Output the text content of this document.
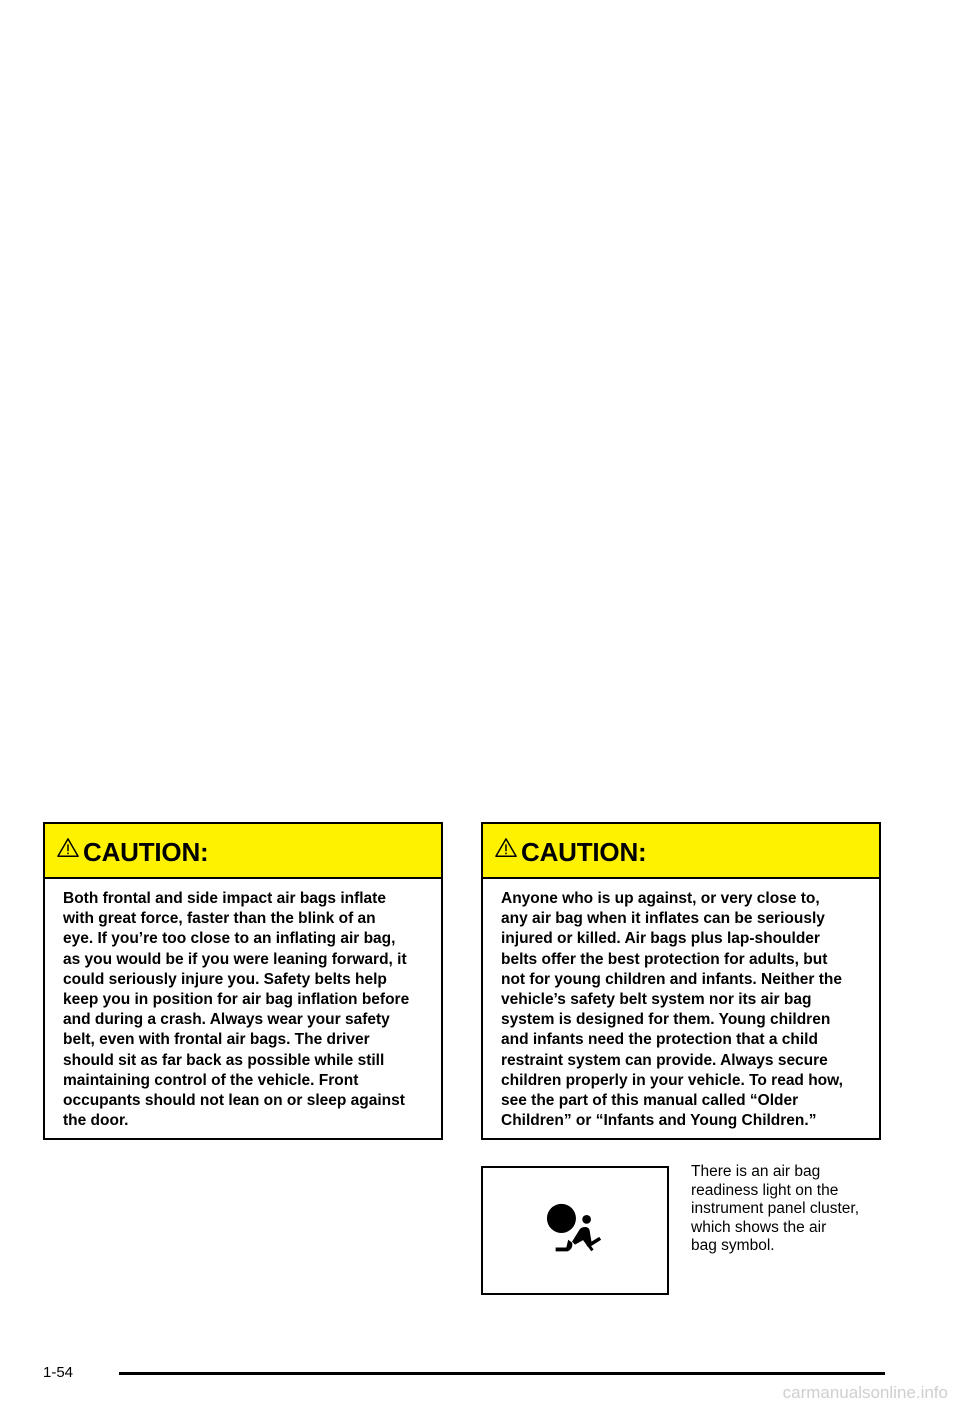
CAUTION:
Both frontal and side impact air bags inflate
with great force, faster than the blink of an
eye. If you’re too close to an inflating air bag,
as you would be if you were leaning forward, it
could seriously injure you. Safety belts help
keep you in position for air bag inflation before
and during a crash. Always wear your safety
belt, even with frontal air bags. The driver
should sit as far back as possible while still
maintaining control of the vehicle. Front
occupants should not lean on or sleep against
the door.
CAUTION:
Anyone who is up against, or very close to,
any air bag when it inflates can be seriously
injured or killed. Air bags plus lap-shoulder
belts offer the best protection for adults, but
not for young children and infants. Neither the
vehicle’s safety belt system nor its air bag
system is designed for them. Young children
and infants need the protection that a child
restraint system can provide. Always secure
children properly in your vehicle. To read how,
see the part of this manual called “Older
Children” or “Infants and Young Children.”
There is an air bag
readiness light on the
instrument panel cluster,
which shows the air
bag symbol.
1-54
carmanualsonline.info
